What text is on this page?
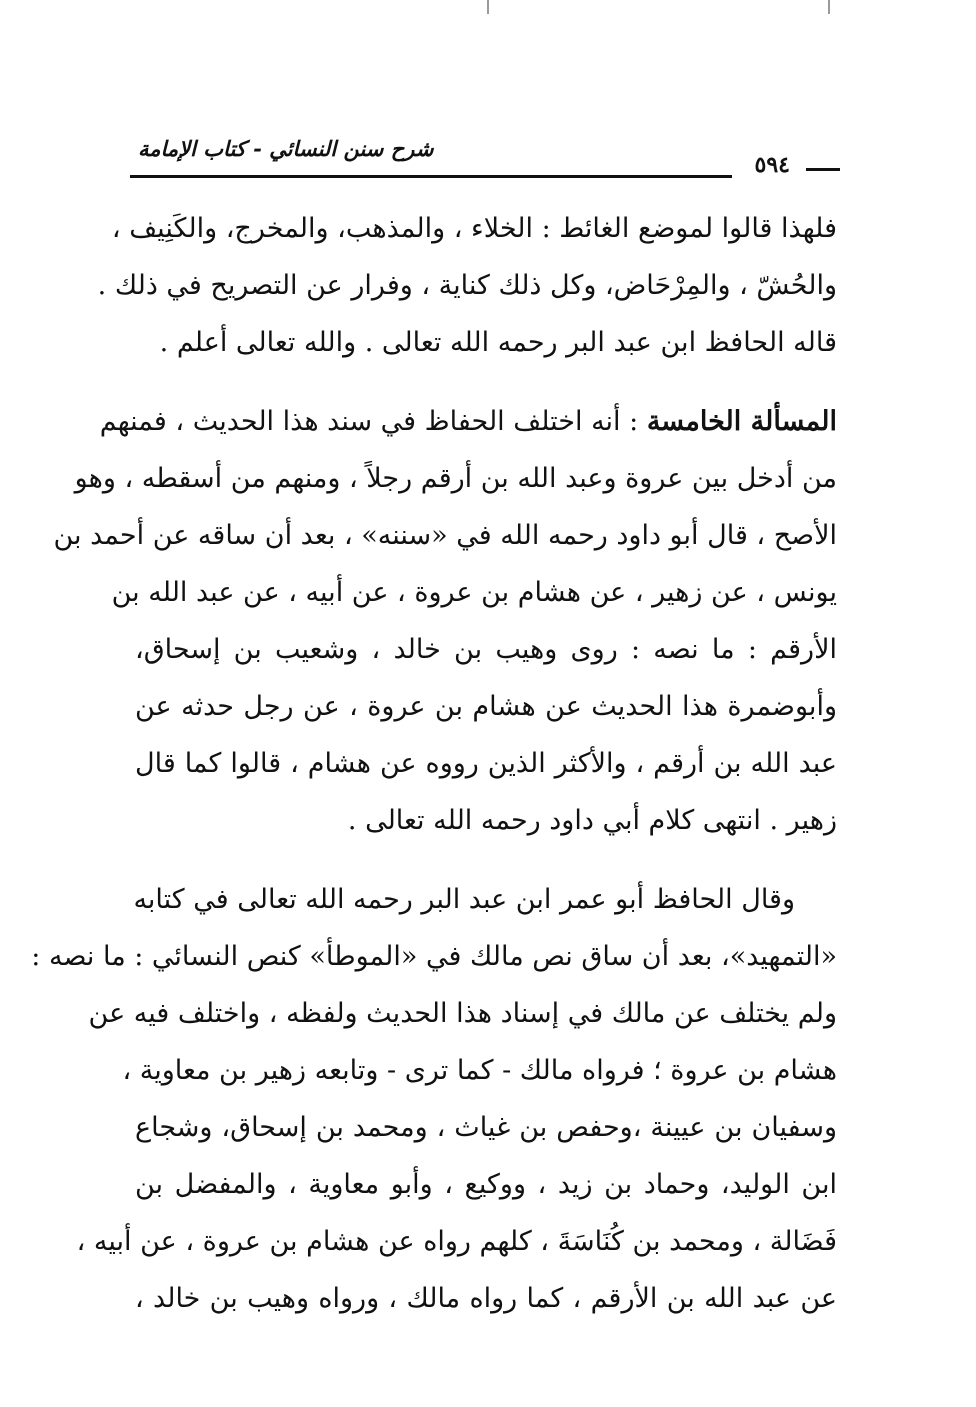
شرح سنن النسائي - كتاب الإمامة
٥٩٤
فلهذا قالوا لموضع الغائط : الخلاء ، والمذهب، والمخرج، والكَنِيف ،
والحُشّ ، والمِرْحَاض، وكل ذلك كناية ، وفرار عن التصريح في ذلك .
قاله الحافظ ابن عبد البر رحمه الله تعالى . والله تعالى أعلم .
المسألة الخامسة : أنه اختلف الحفاظ في سند هذا الحديث ، فمنهم
من أدخل بين عروة وعبد الله بن أرقم رجلاً ، ومنهم من أسقطه ، وهو
الأصح ، قال أبو داود رحمه الله في «سننه» ، بعد أن ساقه عن أحمد بن
يونس ، عن زهير ، عن هشام بن عروة ، عن أبيه ، عن عبد الله بن
الأرقم : ما نصه : روى وهيب بن خالد ، وشعيب بن إسحاق،
وأبوضمرة هذا الحديث عن هشام بن عروة ، عن رجل حدثه عن
عبد الله بن أرقم ، والأكثر الذين رووه عن هشام ، قالوا كما قال
زهير . انتهى كلام أبي داود رحمه الله تعالى .
وقال الحافظ أبو عمر ابن عبد البر رحمه الله تعالى في كتابه
«التمهيد»، بعد أن ساق نص مالك في «الموطأ» كنص النسائي : ما نصه :
ولم يختلف عن مالك في إسناد هذا الحديث ولفظه ، واختلف فيه عن
هشام بن عروة ؛ فرواه مالك - كما ترى - وتابعه زهير بن معاوية ،
وسفيان بن عيينة ،وحفص بن غياث ، ومحمد بن إسحاق، وشجاع
ابن الوليد، وحماد بن زيد ، ووكيع ، وأبو معاوية ، والمفضل بن
فَضَالة ، ومحمد بن كُنَاسَةَ ، كلهم رواه عن هشام بن عروة ، عن أبيه ،
عن عبد الله بن الأرقم ، كما رواه مالك ، ورواه وهيب بن خالد ،
